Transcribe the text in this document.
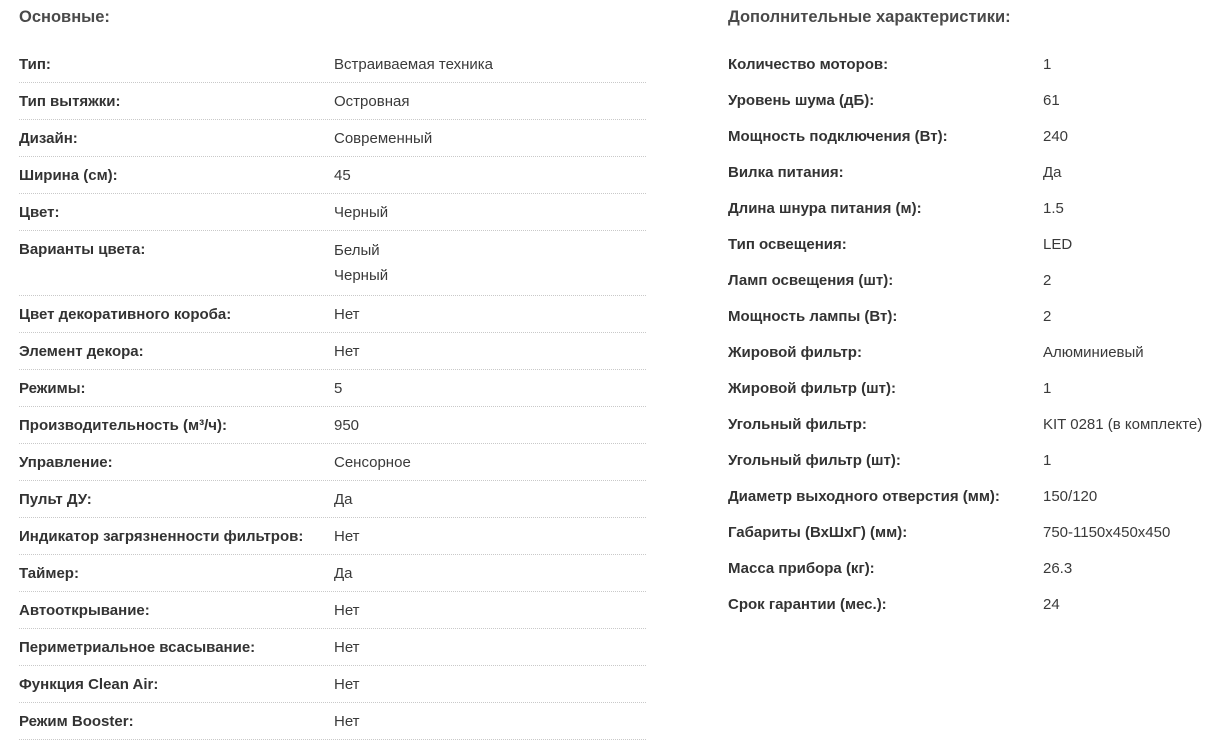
Основные:
Тип:	Встраиваемая техника
Тип вытяжки:	Островная
Дизайн:	Современный
Ширина (см):	45
Цвет:	Черный
Варианты цвета:	Белый
Черный
Цвет декоративного короба:	Нет
Элемент декора:	Нет
Режимы:	5
Производительность (м³/ч):	950
Управление:	Сенсорное
Пульт ДУ:	Да
Индикатор загрязненности фильтров:	Нет
Таймер:	Да
Автооткрывание:	Нет
Периметриальное всасывание:	Нет
Функция Clean Air:	Нет
Режим Booster:	Нет
Дополнительные характеристики:
Количество моторов:	1
Уровень шума (дБ):	61
Мощность подключения (Вт):	240
Вилка питания:	Да
Длина шнура питания (м):	1.5
Тип освещения:	LED
Ламп освещения (шт):	2
Мощность лампы (Вт):	2
Жировой фильтр:	Алюминиевый
Жировой фильтр (шт):	1
Угольный фильтр:	KIT 0281 (в комплекте)
Угольный фильтр (шт):	1
Диаметр выходного отверстия (мм):	150/120
Габариты (ВхШхГ) (мм):	750-1150x450x450
Масса прибора (кг):	26.3
Срок гарантии (мес.):	24
